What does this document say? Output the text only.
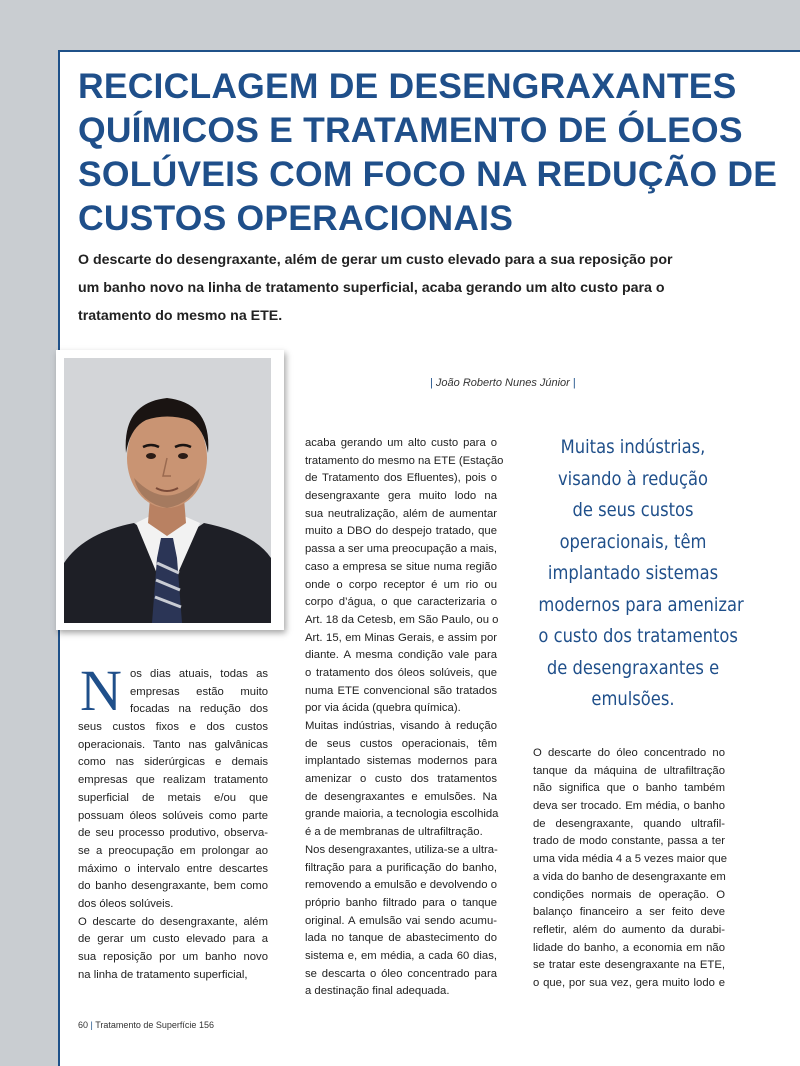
RECICLAGEM DE DESENGRAXANTES
QUÍMICOS E TRATAMENTO DE ÓLEOS
SOLÚVEIS COM FOCO NA REDUÇÃO DE
CUSTOS OPERACIONAIS

O descarte do desengraxante, além de gerar um custo elevado para a sua reposição por
um banho novo na linha de tratamento superficial, acaba gerando um alto custo para o
tratamento do mesmo na ETE.

| João Roberto Nunes Júnior |
N os dias atuais, todas as
empresas estão muito
focadas na redução dos
seus custos fixos e dos custos
operacionais. Tanto nas galvânicas
como nas siderúrgicas e demais
empresas que realizam tratamento
superficial de metais e/ou que
possuam óleos solúveis como parte
de seu processo produtivo, observa-
se a preocupação em prolongar ao
máximo o intervalo entre descartes
do banho desengraxante, bem como
dos óleos solúveis.
O descarte do desengraxante, além
de gerar um custo elevado para a
sua reposição por um banho novo
na linha de tratamento superficial,
acaba gerando um alto custo para o
tratamento do mesmo na ETE (Estação
de Tratamento dos Efluentes), pois o
desengraxante gera muito lodo na
sua neutralização, além de aumentar
muito a DBO do despejo tratado, que
passa a ser uma preocupação a mais,
caso a empresa se situe numa região
onde o corpo receptor é um rio ou
corpo d’água, o que caracterizaria o
Art. 18 da Cetesb, em São Paulo, ou o
Art. 15, em Minas Gerais, e assim por
diante. A mesma condição vale para
o tratamento dos óleos solúveis, que
numa ETE convencional são tratados
por via ácida (quebra química).
Muitas indústrias, visando à redução
de seus custos operacionais, têm
implantado sistemas modernos para
amenizar o custo dos tratamentos
de desengraxantes e emulsões. Na
grande maioria, a tecnologia escolhida
é a de membranas de ultrafiltração.
Nos desengraxantes, utiliza-se a ultra-
filtração para a purificação do banho,
removendo a emulsão e devolvendo o
próprio banho filtrado para o tanque
original. A emulsão vai sendo acumu-
lada no tanque de abastecimento do
sistema e, em média, a cada 60 dias,
se descarta o óleo concentrado para
a destinação final adequada.
Muitas indústrias,
visando à redução
de seus custos
operacionais, têm
implantado sistemas
modernos para amenizar
o custo dos tratamentos
de desengraxantes e
emulsões.
O descarte do óleo concentrado no
tanque da máquina de ultrafiltração
não significa que o banho também
deva ser trocado. Em média, o banho
de desengraxante, quando ultrafil-
trado de modo constante, passa a ter
uma vida média 4 a 5 vezes maior que
a vida do banho de desengraxante em
condições normais de operação. O
balanço financeiro a ser feito deve
refletir, além do aumento da durabi-
lidade do banho, a economia em não
se tratar este desengraxante na ETE,
o que, por sua vez, gera muito lodo e
60 | Tratamento de Superfície 156
